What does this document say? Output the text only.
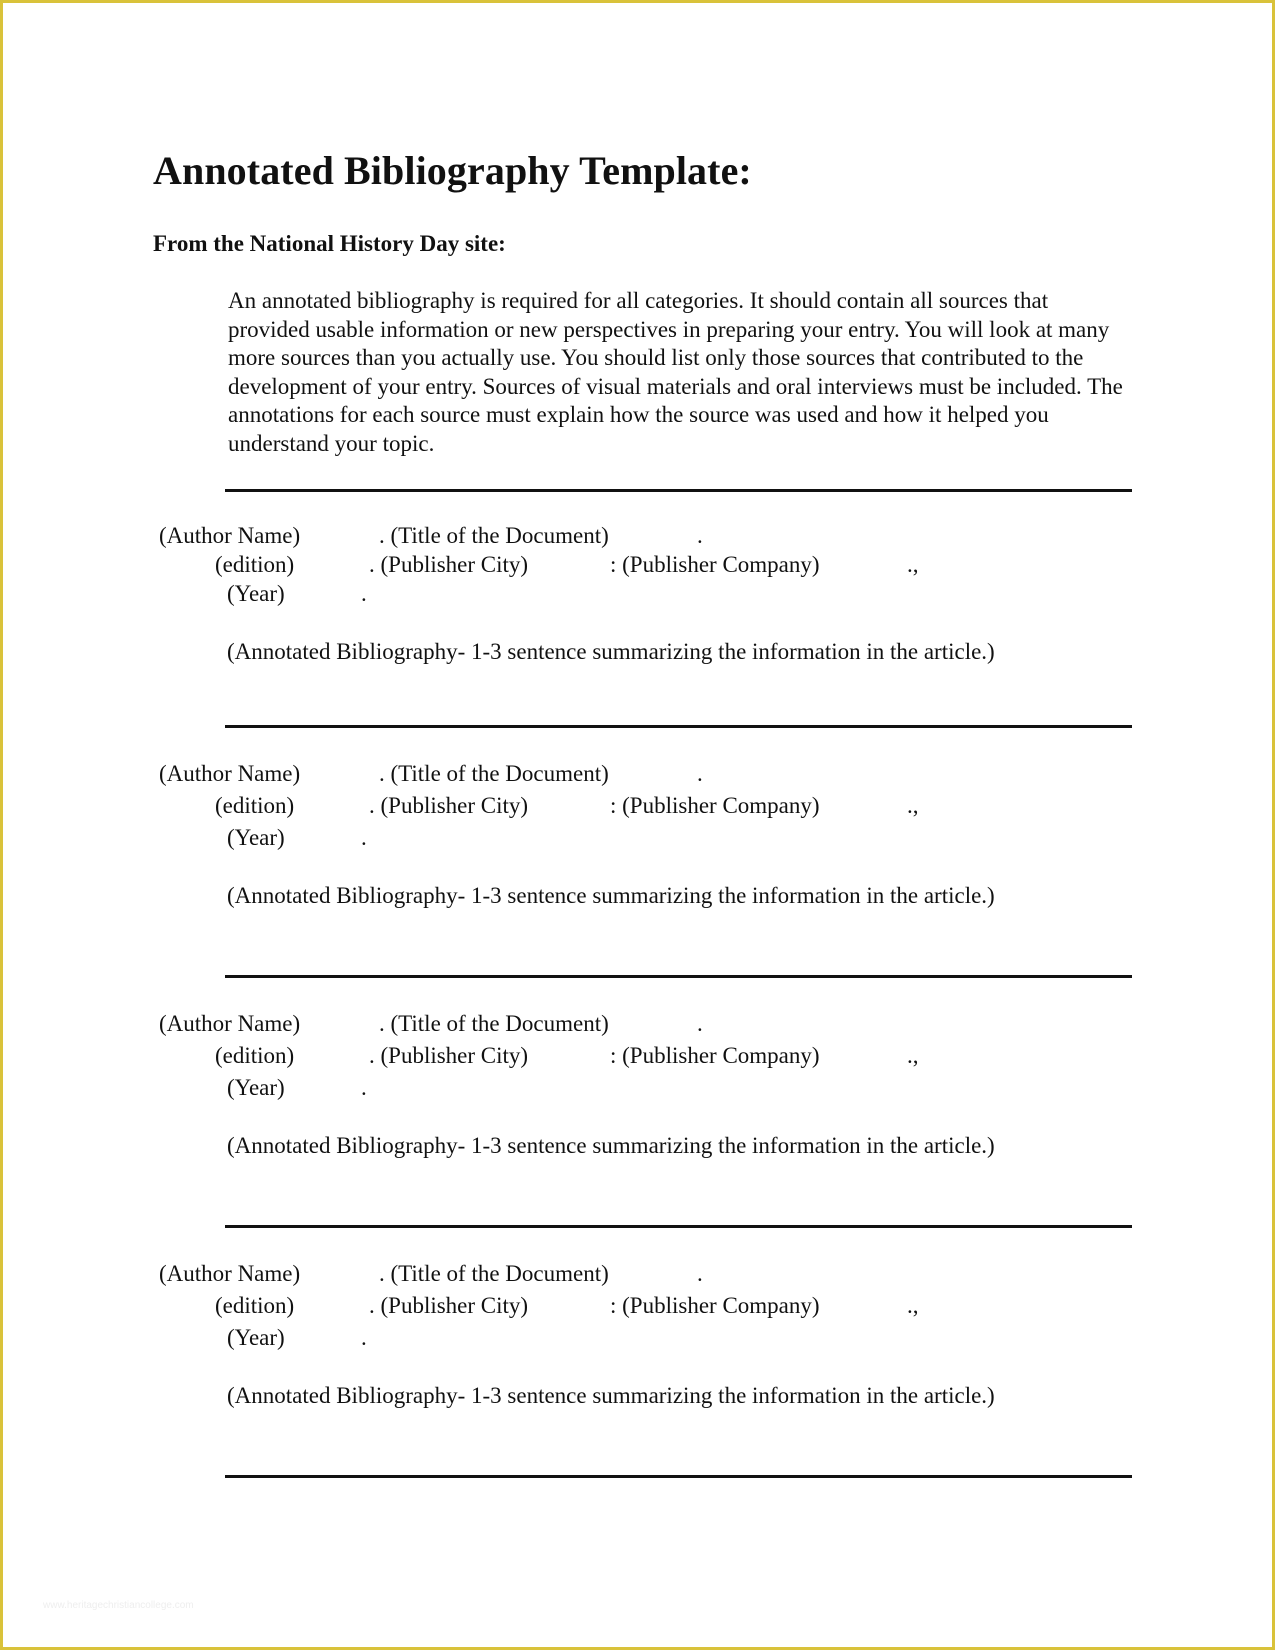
Annotated Bibliography Template:
From the National History Day site:

An annotated bibliography is required for all categories. It should contain all sources that provided usable information or new perspectives in preparing your entry. You will look at many more sources than you actually use. You should list only those sources that contributed to the development of your entry. Sources of visual materials and oral interviews must be included. The annotations for each source must explain how the source was used and how it helped you understand your topic.

(Author Name)	. (Title of the Document)	.
(edition)	. (Publisher City)	: (Publisher Company)	.,
(Year)	.
(Annotated Bibliography- 1-3 sentence summarizing the information in the article.)
(Author Name)	. (Title of the Document)	.
(edition)	. (Publisher City)	: (Publisher Company)	.,
(Year)	.
(Annotated Bibliography- 1-3 sentence summarizing the information in the article.)
(Author Name)	. (Title of the Document)	.
(edition)	. (Publisher City)	: (Publisher Company)	.,
(Year)	.
(Annotated Bibliography- 1-3 sentence summarizing the information in the article.)
(Author Name)	. (Title of the Document)	.
(edition)	. (Publisher City)	: (Publisher Company)	.,
(Year)	.
(Annotated Bibliography- 1-3 sentence summarizing the information in the article.)
www.heritagechristiancollege.com
